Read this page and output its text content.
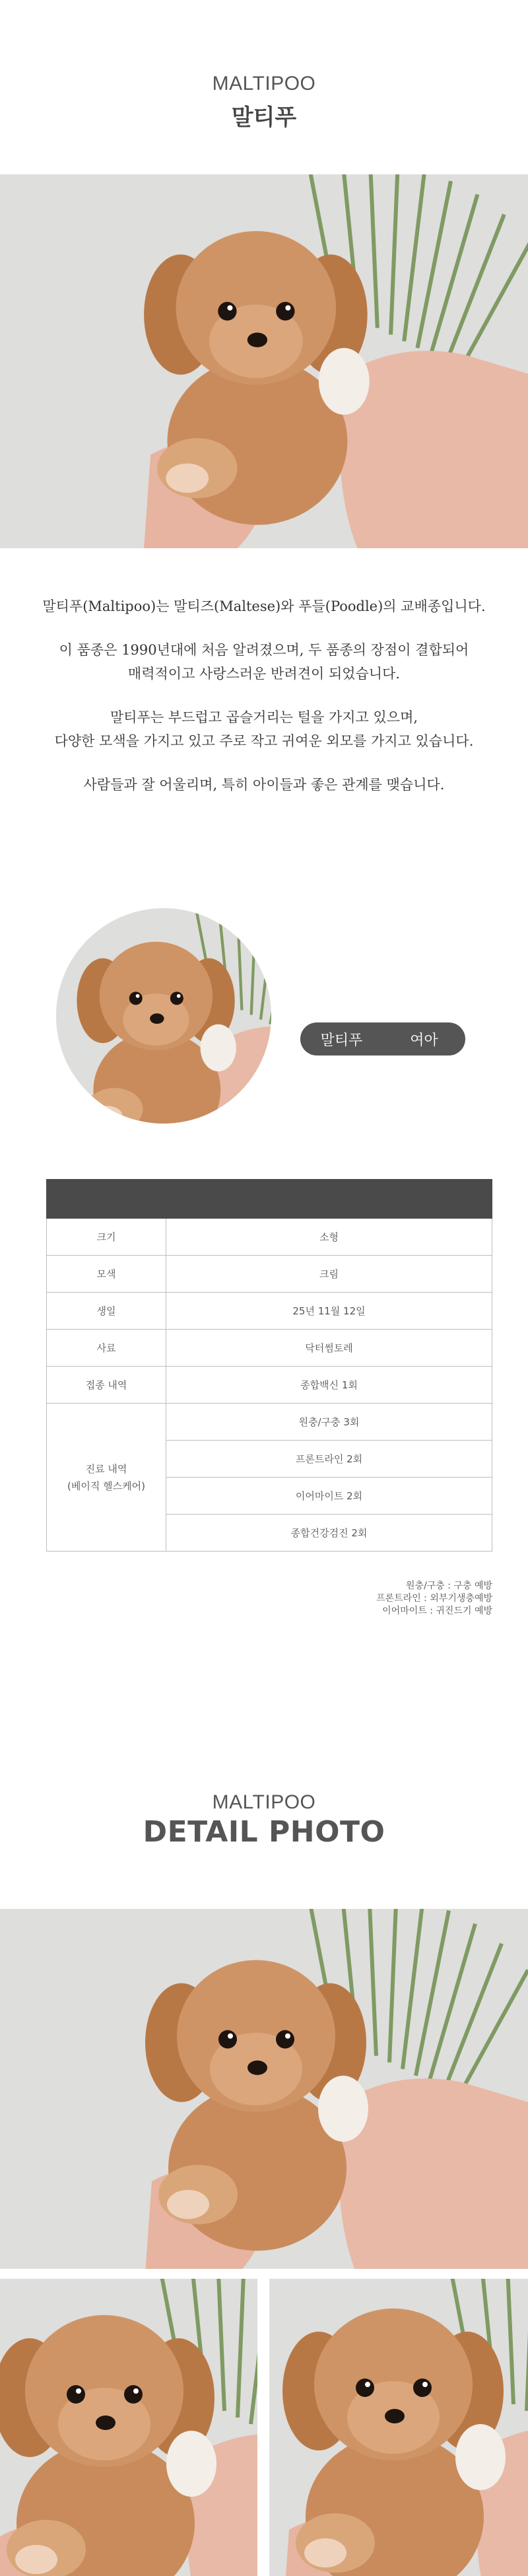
MALTIPOO
말티푸
말티푸(Maltipoo)는 말티즈(Maltese)와 푸들(Poodle)의 교배종입니다.
이 품종은 1990년대에 처음 알려졌으며, 두 품종의 장점이 결합되어
매력적이고 사랑스러운 반려견이 되었습니다.
말티푸는 부드럽고 곱슬거리는 털을 가지고 있으며,
다양한 모색을 가지고 있고 주로 작고 귀여운 외모를 가지고 있습니다.
사람들과 잘 어울리며, 특히 아이들과 좋은 관계를 맺습니다.
말티푸	여아

크기	소형
모색	크림
생일	25년 11월 12일
사료	닥터썸토레
접종 내역	종합백신 1회

진료 내역
(베이직 헬스케어)	원충/구충 3회
	프론트라인 2회
	이어마이트 2회
	종합건강검진 2회
원충/구충 : 구충 예방
프론트라인 : 외부기생충예방
이어마이트 : 귀진드기 예방
MALTIPOO
DETAIL PHOTO
